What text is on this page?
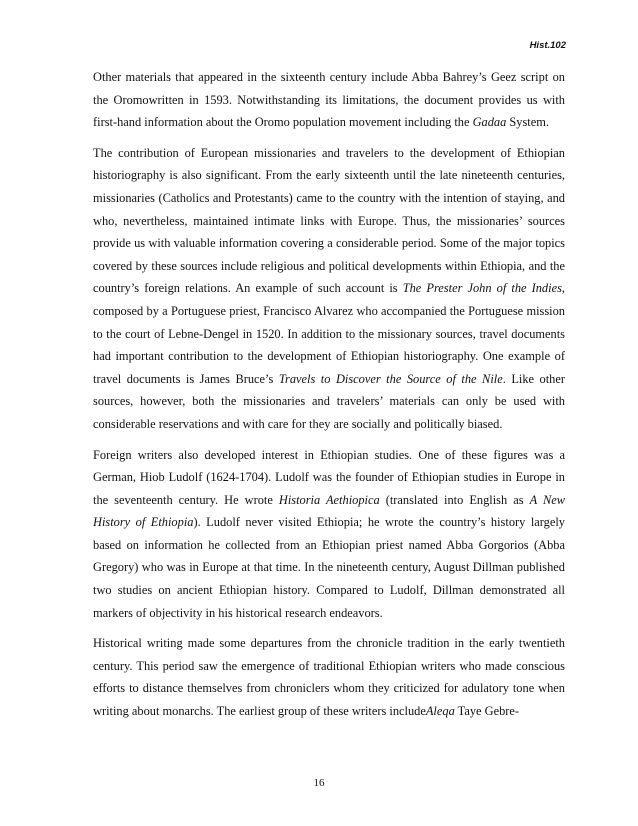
Hist.102

Other materials that appeared in the sixteenth century include Abba Bahrey’s Geez script on the Oromowritten in 1593. Notwithstanding its limitations, the document provides us with first-hand information about the Oromo population movement including the Gadaa System.

The contribution of European missionaries and travelers to the development of Ethiopian historiography is also significant. From the early sixteenth until the late nineteenth centuries, missionaries (Catholics and Protestants) came to the country with the intention of staying, and who, nevertheless, maintained intimate links with Europe. Thus, the missionaries’ sources provide us with valuable information covering a considerable period. Some of the major topics covered by these sources include religious and political developments within Ethiopia, and the country’s foreign relations. An example of such account is The Prester John of the Indies, composed by a Portuguese priest, Francisco Alvarez who accompanied the Portuguese mission to the court of Lebne-Dengel in 1520. In addition to the missionary sources, travel documents had important contribution to the development of Ethiopian historiography. One example of travel documents is James Bruce’s Travels to Discover the Source of the Nile. Like other sources, however, both the missionaries and travelers’ materials can only be used with considerable reservations and with care for they are socially and politically biased.

Foreign writers also developed interest in Ethiopian studies. One of these figures was a German, Hiob Ludolf (1624-1704). Ludolf was the founder of Ethiopian studies in Europe in the seventeenth century. He wrote Historia Aethiopica (translated into English as A New History of Ethiopia). Ludolf never visited Ethiopia; he wrote the country’s history largely based on information he collected from an Ethiopian priest named Abba Gorgorios (Abba Gregory) who was in Europe at that time. In the nineteenth century, August Dillman published two studies on ancient Ethiopian history. Compared to Ludolf, Dillman demonstrated all markers of objectivity in his historical research endeavors.

Historical writing made some departures from the chronicle tradition in the early twentieth century. This period saw the emergence of traditional Ethiopian writers who made conscious efforts to distance themselves from chroniclers whom they criticized for adulatory tone when writing about monarchs. The earliest group of these writers includeAleqa Taye Gebre-

16
